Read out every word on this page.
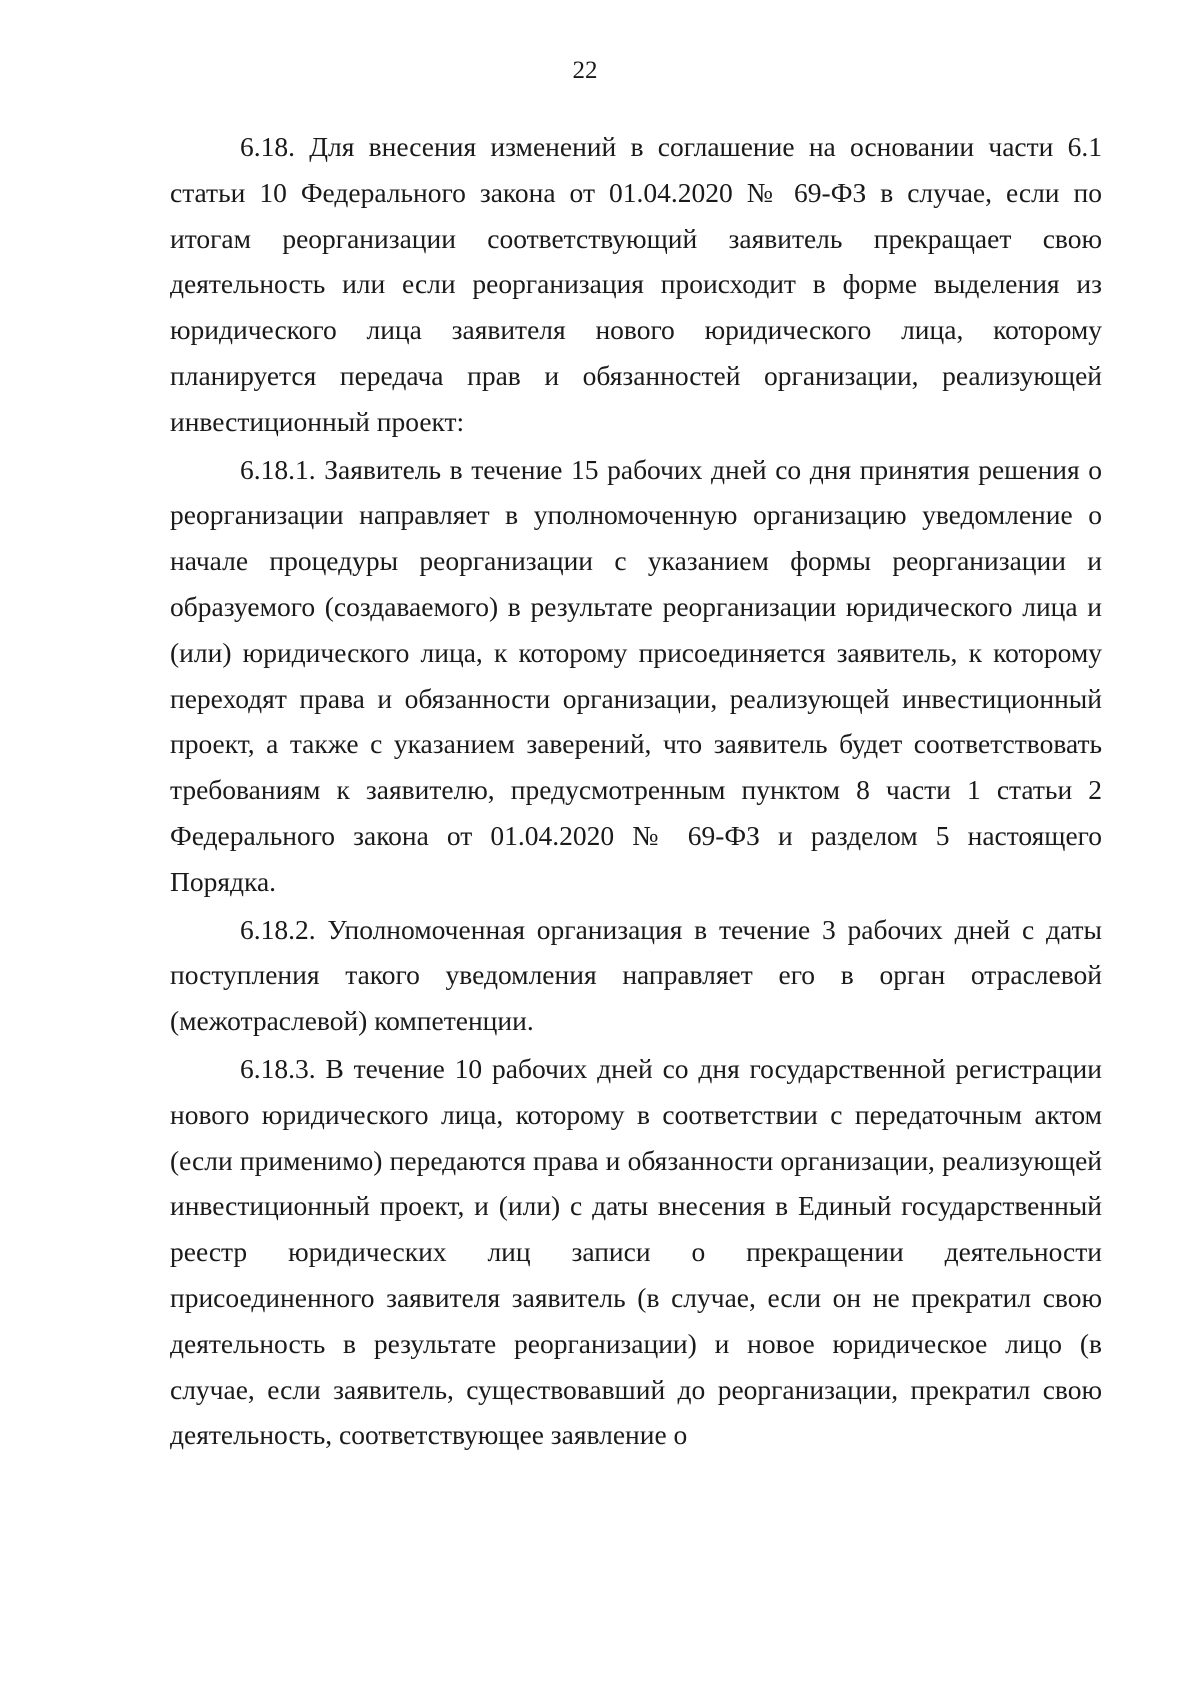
22

6.18. Для внесения изменений в соглашение на основании части 6.1 статьи 10 Федерального закона от 01.04.2020 № 69-ФЗ в случае, если по итогам реорганизации соответствующий заявитель прекращает свою деятельность или если реорганизация происходит в форме выделения из юридического лица заявителя нового юридического лица, которому планируется передача прав и обязанностей организации, реализующей инвестиционный проект:

6.18.1. Заявитель в течение 15 рабочих дней со дня принятия решения о реорганизации направляет в уполномоченную организацию уведомление о начале процедуры реорганизации с указанием формы реорганизации и образуемого (создаваемого) в результате реорганизации юридического лица и (или) юридического лица, к которому присоединяется заявитель, к которому переходят права и обязанности организации, реализующей инвестиционный проект, а также с указанием заверений, что заявитель будет соответствовать требованиям к заявителю, предусмотренным пунктом 8 части 1 статьи 2 Федерального закона от 01.04.2020 № 69-ФЗ и разделом 5 настоящего Порядка.

6.18.2. Уполномоченная организация в течение 3 рабочих дней с даты поступления такого уведомления направляет его в орган отраслевой (межотраслевой) компетенции.

6.18.3. В течение 10 рабочих дней со дня государственной регистрации нового юридического лица, которому в соответствии с передаточным актом (если применимо) передаются права и обязанности организации, реализующей инвестиционный проект, и (или) с даты внесения в Единый государственный реестр юридических лиц записи о прекращении деятельности присоединенного заявителя заявитель (в случае, если он не прекратил свою деятельность в результате реорганизации) и новое юридическое лицо (в случае, если заявитель, существовавший до реорганизации, прекратил свою деятельность, соответствующее заявление о
